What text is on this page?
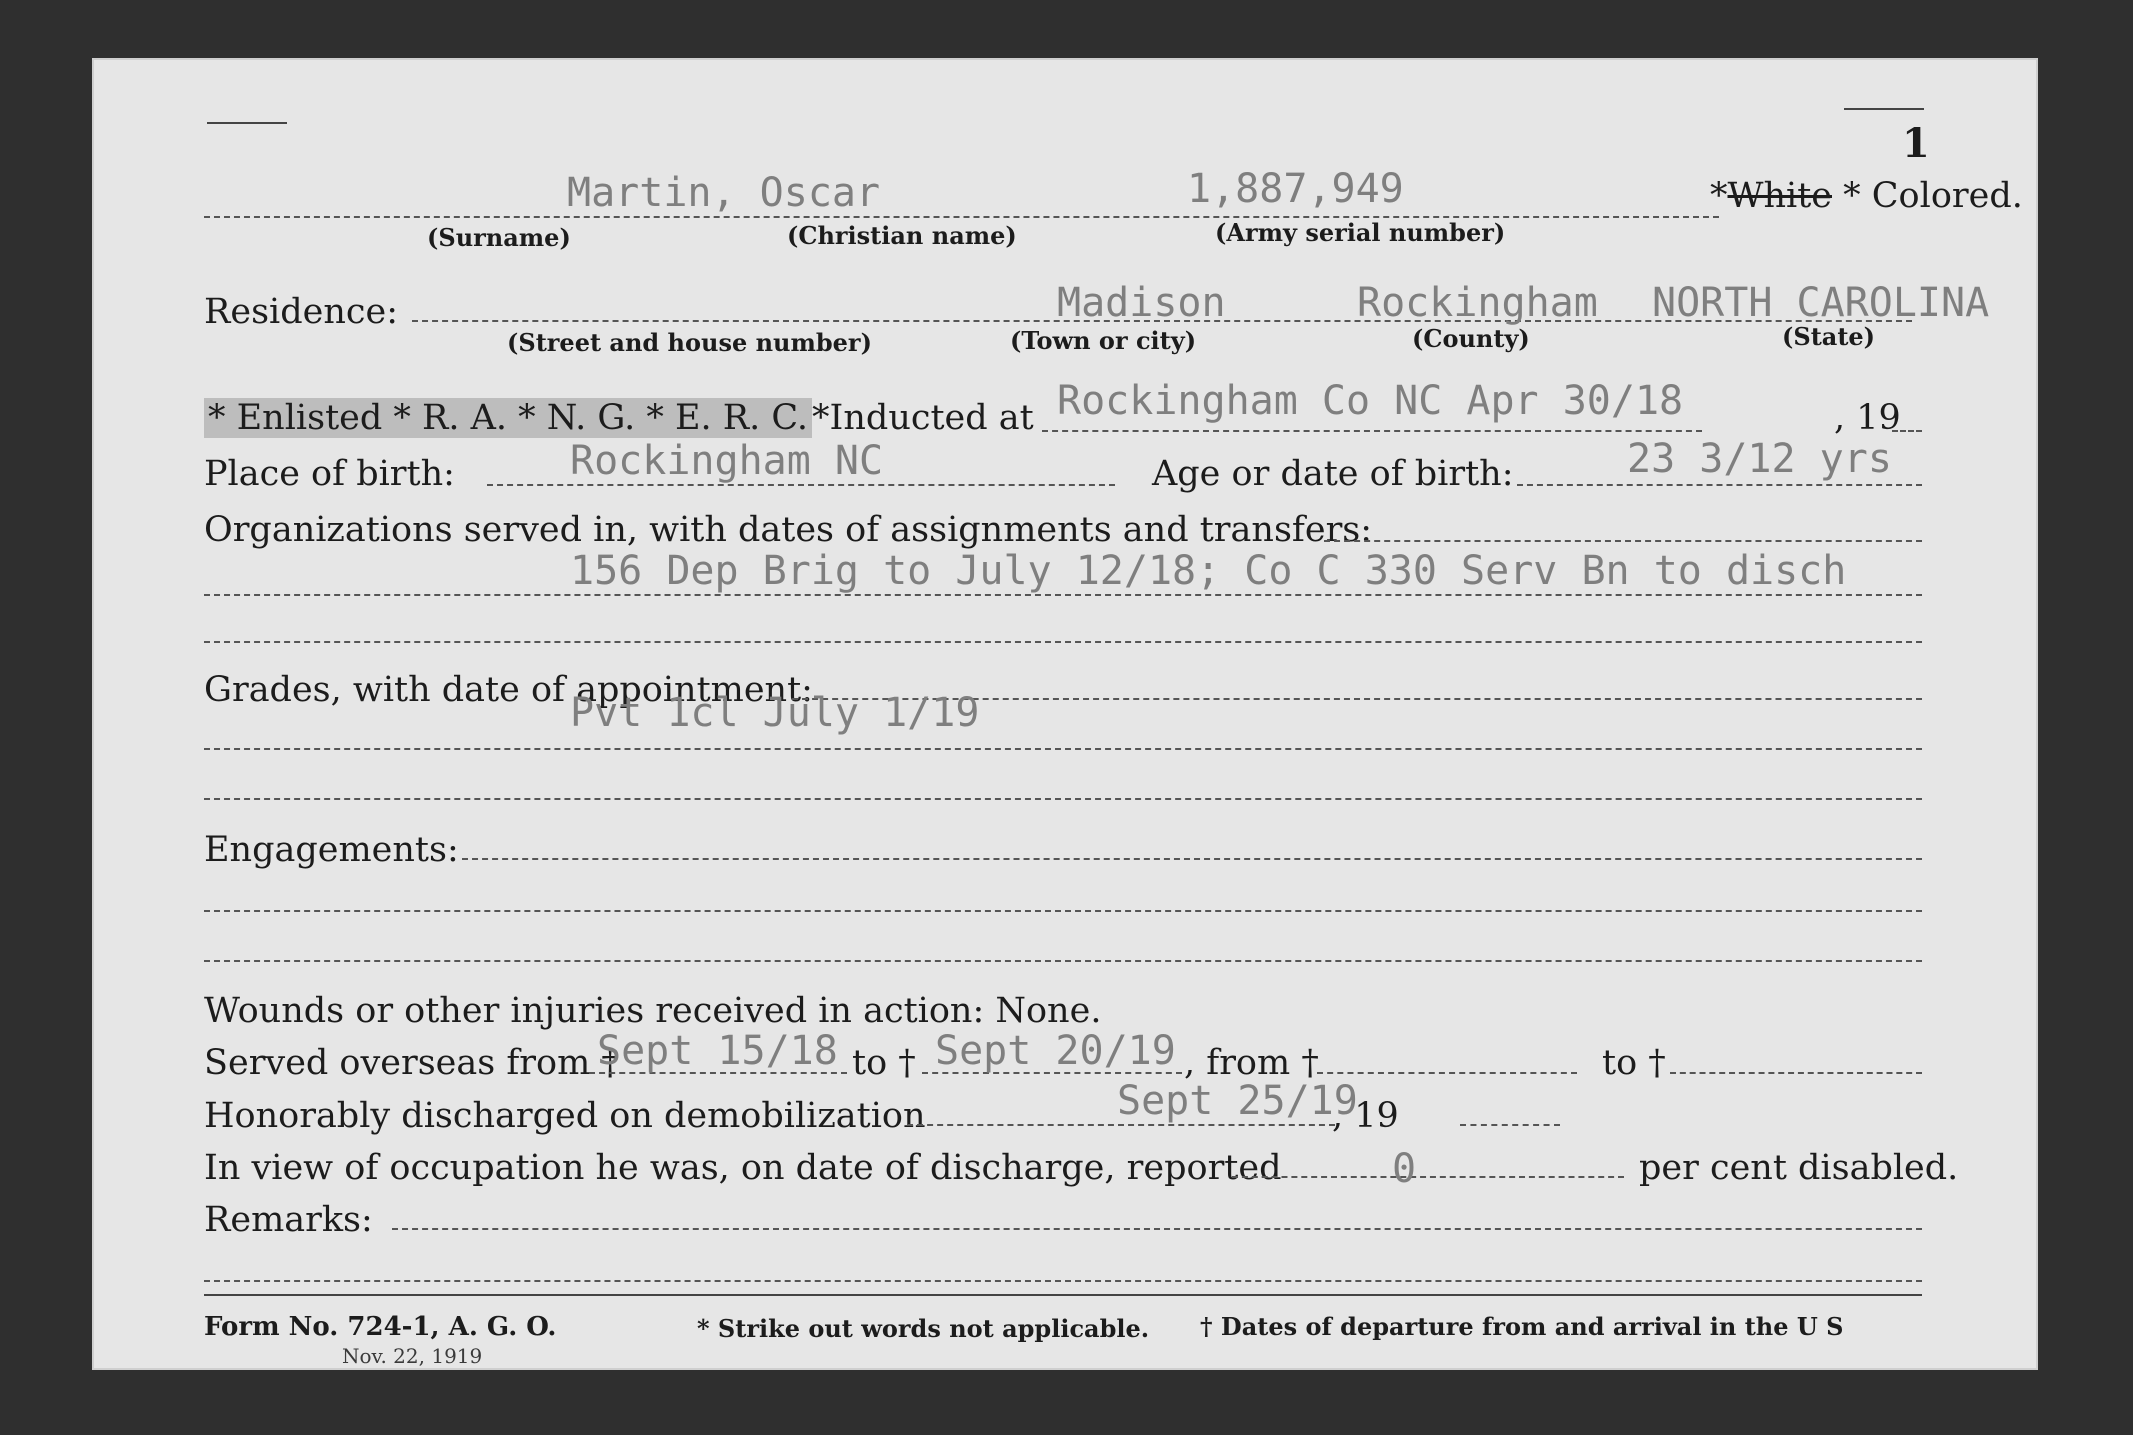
1
Martin, Oscar	1,887,949	*White * Colored.
(Surname)	(Christian name)	(Army serial number)
Residence:	Madison	Rockingham NORTH CAROLINA
(Street and house number)	(Town or city)	(County)	(State)
* Enlisted * R. A. * N. G. * E. R. C. *Inducted at Rockingham Co NC Apr 30/18	, 19
Place of birth:	Rockingham NC	Age or date of birth:	23 3/12 yrs
Organizations served in, with dates of assignments and transfers:
156 Dep Brig to July 12/18; Co C 330 Serv Bn to disch
Grades, with date of appointment:
Pvt 1cl July 1/19
Engagements:
Wounds or other injuries received in action: None.
Served overseas from †
Sept 15/18 to † Sept 20/19 , from †	to †
Honorably discharged on demobilization	Sept 25/19
, 19
In view of occupation he was, on date of discharge, reported	0	per cent disabled.
Remarks:
Form No. 724-1, A. G. O.
Nov. 22, 1919
* Strike out words not applicable. † Dates of departure from and arrival in the U S
